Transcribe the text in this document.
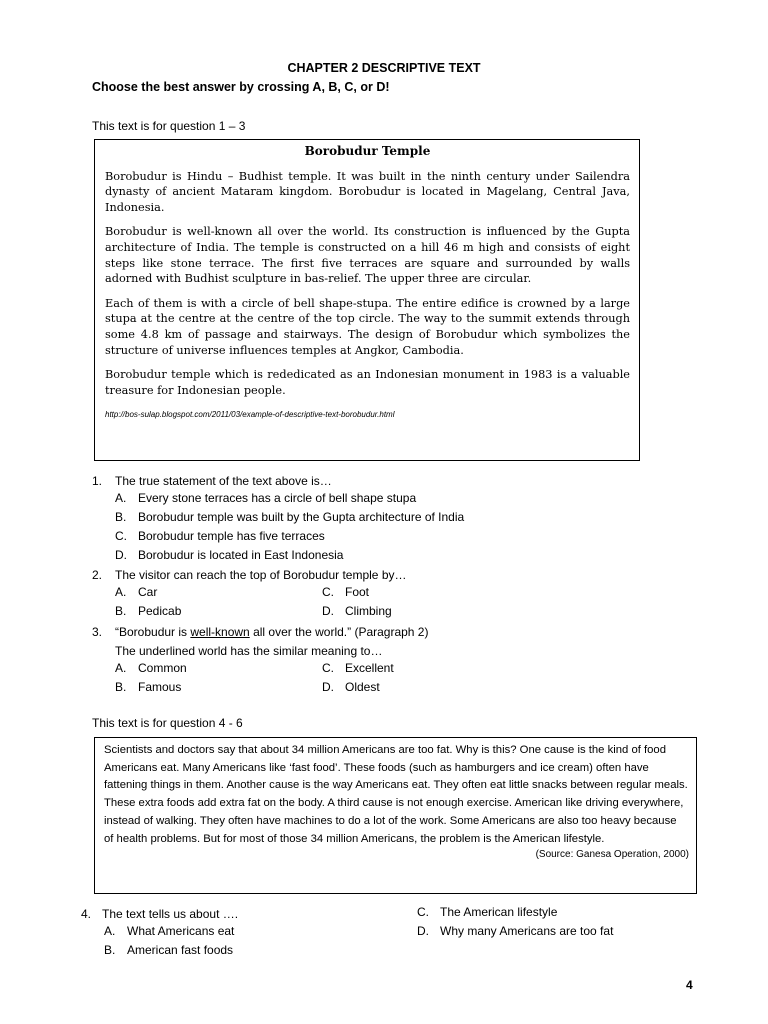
CHAPTER 2 DESCRIPTIVE TEXT
Choose the best answer by crossing A, B, C, or D!
This text is for question 1 – 3
Borobudur Temple

Borobudur is Hindu – Budhist temple. It was built in the ninth century under Sailendra dynasty of ancient Mataram kingdom. Borobudur is located in Magelang, Central Java, Indonesia.

Borobudur is well-known all over the world. Its construction is influenced by the Gupta architecture of India. The temple is constructed on a hill 46 m high and consists of eight steps like stone terrace. The first five terraces are square and surrounded by walls adorned with Budhist sculpture in bas-relief. The upper three are circular.

Each of them is with a circle of bell shape-stupa. The entire edifice is crowned by a large stupa at the centre at the centre of the top circle. The way to the summit extends through some 4.8 km of passage and stairways. The design of Borobudur which symbolizes the structure of universe influences temples at Angkor, Cambodia.

Borobudur temple which is rededicated as an Indonesian monument in 1983 is a valuable treasure for Indonesian people.

http://bos-sulap.blogspot.com/2011/03/example-of-descriptive-text-borobudur.html
1. The true statement of the text above is…
A. Every stone terraces has a circle of bell shape stupa
B. Borobudur temple was built by the Gupta architecture of India
C. Borobudur temple has five terraces
D. Borobudur is located in East Indonesia
2. The visitor can reach the top of Borobudur temple by…
A. Car
B. Pedicab
C. Foot
D. Climbing
3. “Borobudur is well-known all over the world.” (Paragraph 2)
The underlined world has the similar meaning to…
A. Common
B. Famous
C. Excellent
D. Oldest
This text is for question 4 - 6
Scientists and doctors say that about 34 million Americans are too fat. Why is this? One cause is the kind of food Americans eat. Many Americans like ‘fast food’. These foods (such as hamburgers and ice cream) often have fattening things in them. Another cause is the way Americans eat. They often eat little snacks between regular meals. These extra foods add extra fat on the body. A third cause is not enough exercise. American like driving everywhere, instead of walking. They often have machines to do a lot of the work. Some Americans are also too heavy because of health problems. But for most of those 34 million Americans, the problem is the American lifestyle.
(Source: Ganesa Operation, 2000)
4. The text tells us about ….
A. What Americans eat
B. American fast foods
C. The American lifestyle
D. Why many Americans are too fat
4
